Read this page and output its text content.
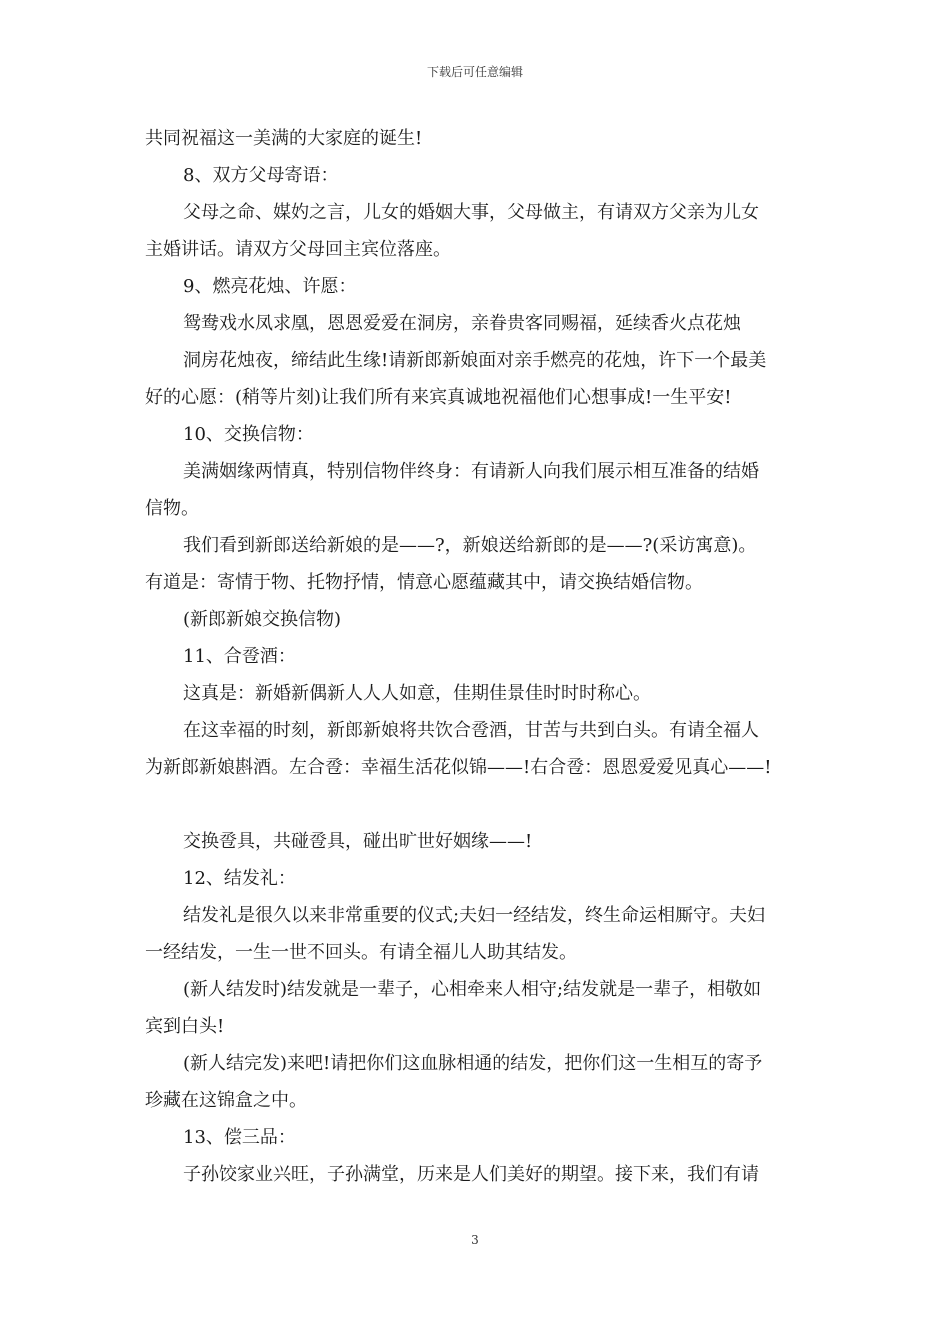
下载后可任意编辑
共同祝福这一美满的大家庭的诞生!
8、双方父母寄语：
父母之命、媒妁之言，儿女的婚姻大事，父母做主，有请双方父亲为儿女
主婚讲话。请双方父母回主宾位落座。
9、燃亮花烛、许愿：
鸳鸯戏水凤求凰，恩恩爱爱在洞房，亲眷贵客同赐福，延续香火点花烛
洞房花烛夜，缔结此生缘!请新郎新娘面对亲手燃亮的花烛，许下一个最美
好的心愿：(稍等片刻)让我们所有来宾真诚地祝福他们心想事成!一生平安!
10、交换信物：
美满姻缘两情真，特别信物伴终身：有请新人向我们展示相互准备的结婚
信物。
我们看到新郎送给新娘的是——?，新娘送给新郎的是——?(采访寓意)。
有道是：寄情于物、托物抒情，情意心愿蕴藏其中，请交换结婚信物。
(新郎新娘交换信物)
11、合卺酒：
这真是：新婚新偶新人人人如意，佳期佳景佳时时时称心。
在这幸福的时刻，新郎新娘将共饮合卺酒，甘苦与共到白头。有请全福人
为新郎新娘斟酒。左合卺：幸福生活花似锦——!右合卺：恩恩爱爱见真心——!
交换卺具，共碰卺具，碰出旷世好姻缘——!
12、结发礼：
结发礼是很久以来非常重要的仪式;夫妇一经结发，终生命运相厮守。夫妇
一经结发，一生一世不回头。有请全福儿人助其结发。
(新人结发时)结发就是一辈子，心相牵来人相守;结发就是一辈子，相敬如
宾到白头!
(新人结完发)来吧!请把你们这血脉相通的结发，把你们这一生相互的寄予
珍藏在这锦盒之中。
13、偿三品：
子孙饺家业兴旺，子孙满堂，历来是人们美好的期望。接下来，我们有请
3
